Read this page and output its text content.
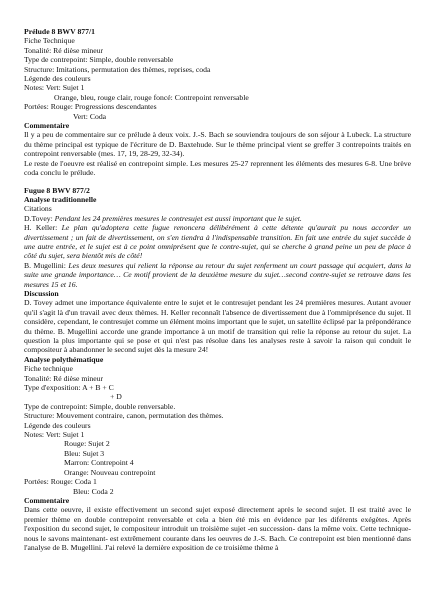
Prélude 8 BWV 877/1
Fiche Technique
Tonalité: Ré dièse mineur
Type de contrepoint: Simple, double renversable
Structure: Imitations, permutation des thèmes, reprises, coda
Légende des couleurs
Notes: Vert: Sujet 1
Orange, bleu, rouge clair, rouge foncé: Contrepoint renversable
Portées: Rouge: Progressions descendantes
Vert: Coda
Commentaire
Il y a peu de commentaire sur ce prélude à deux voix. J.-S. Bach se souviendra toujours de son séjour à Lubeck. La structure du thème principal est typique de l'écriture de D. Baxtehude. Sur le thème principal vient se greffer 3 contrepoints traités en contrepoint renversable (mes. 17, 19, 28-29, 32-34).
Le reste de l'oeuvre est réalisé en contrepoint simple. Les mesures 25-27 reprennent les éléments des mesures 6-8. Une brève coda conclu le prélude.
Fugue 8 BWV 877/2
Analyse traditionnelle
Citations
D.Tovey: Pendant les 24 premières mesures le contresujet est aussi important que le sujet.
H. Keller: Le plan qu'adoptera cette fugue renoncera délibérément à cette détente qu'aurait pu nous accorder un divertissement ; un fait de divertissement, on s'en tiendra à l'indispensable transition. En fait une entrée du sujet succède à une autre entrée, et le sujet est à ce point omniprésent que le contre-sujet, qui se cherche à grand peine un peu de place à côté du sujet, sera bientôt mis de côté!
B. Mugellini: Les deux mesures qui relient la réponse au retour du sujet renferment un court passage qui acquiert, dans la suite une grande importance… Ce motif provient de la deuxième mesure du sujet…second contre-sujet se retrouve dans les mesures 15 et 16.
Discussion
D. Tovey admet une importance équivalente entre le sujet et le contresujet pendant les 24 premières mesures. Autant avouer qu'il s'agit là d'un travail avec deux thèmes. H. Keller reconnaît l'absence de divertissement due à l'ommiprésence du sujet. Il considère, cependant, le contresujet comme un élément moins important que le sujet, un satellite éclipsé par la prépondérance du thème. B. Mugellini accorde une grande importance à un motif de transition qui relie la réponse au retour du sujet. La question la plus importante qui se pose et qui n'est pas résolue dans les analyses reste à savoir la raison qui conduit le compositeur à abandonner le second sujet dès la mesure 24!
Analyse polythématique
Fiche technique
Tonalité: Ré dièse mineur
Type d'exposition: A + B + C
+ D
Type de contrepoint: Simple, double renversable.
Structure: Mouvement contraire, canon, permutation des thèmes.
Légende des couleurs
Notes: Vert: Sujet 1
Rouge: Sujet 2
Bleu: Sujet 3
Marron: Contrepoint 4
Orange: Nouveau contrepoint
Portées: Rouge: Coda 1
Bleu: Coda 2
Commentaire
Dans cette oeuvre, il existe effectivement un second sujet exposé directement après le second sujet. Il est traité avec le premier thème en double contrepoint renversable et cela a bien été mis en évidence par les diférents exégètes. Après l'exposition du second sujet, le compositeur introduit un troisième sujet -en succession- dans la même voix. Cette technique- nous le savons maintenant- est extrêmement courante dans les oeuvres de J.-S. Bach. Ce contrepoint est bien mentionné dans l'analyse de B. Mugellini. J'ai relevé la dernière exposition de ce troisième thème à
